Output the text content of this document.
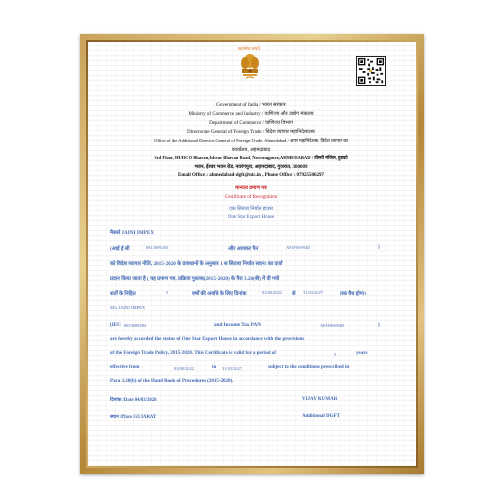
सत्यमेव जयते
Government of India / भारत सरकार
Ministry of Commerce and Industry / वाणिज्य और उद्योग मंत्रालय
Department of Commerce / वाणिज्य विभाग
Directorate General of Foreign Trade / विदेश व्यापार महानिदेशालय
Office of the Additional Director General of Foreign Trade, Ahmedabad / अपर महानिदेशक, विदेश व्यापार का
कार्यालय, अहमदाबाद
3rd Floor, HUDCO Bhavan,Ishvar Bhavan Road, Navrangpura,AHMEDABAD / तीसरी मंजिल, हुडको
भवन, ईश्वर भवन रोड, नवरंगपुरा, अहमदाबाद, गुजरात, 380009
Email Office : ahmedabad-dgft@nic.in , Phone Office : 07925506297
मान्यता प्रमाण पत्र
Certificate of Recognition
एक सितारा निर्यात हाउस
One Star Export House
मैसर्स JAINI IMPEX
(आई ई सी	0813009284	और आयकर पैन	AFJFS6994D	)
को विदेश व्यापार नीति, 2015-2020 के प्रावधानों के अनुसार 1 स सितारा निर्यात सदन। का दर्जा
प्रदान किया जाता है ( यह प्रमाण पत्र, प्रक्रिया पुस्तक(2015-2020) के पैरा 3.20(बी) में दी गयी
शर्तों के निहित	5	वर्षों की अवधि के लिए दिनांक	03/08/2022 से 31/03/2027	तक वैध होगा।
M/s JAINI IMPEX
(IEC 0813009284	and Income Tax PAN	AFJFS6994D	)
are hereby accorded the status of One Star Export House in accordance with the provisions
of the Foreign Trade Policy, 2015-2020. This Certificate is valid for a period of	5	years
effective from	03/08/2022	to 31/03/2027	subject to the conditions prescribed in
Para 3.20(b) of the Hand Book of Procedures (2015-2020).
दिनांक /Date 04/03/2020	VIJAY KUMAR
स्थान /Place GUJARAT	Additional DGFT
